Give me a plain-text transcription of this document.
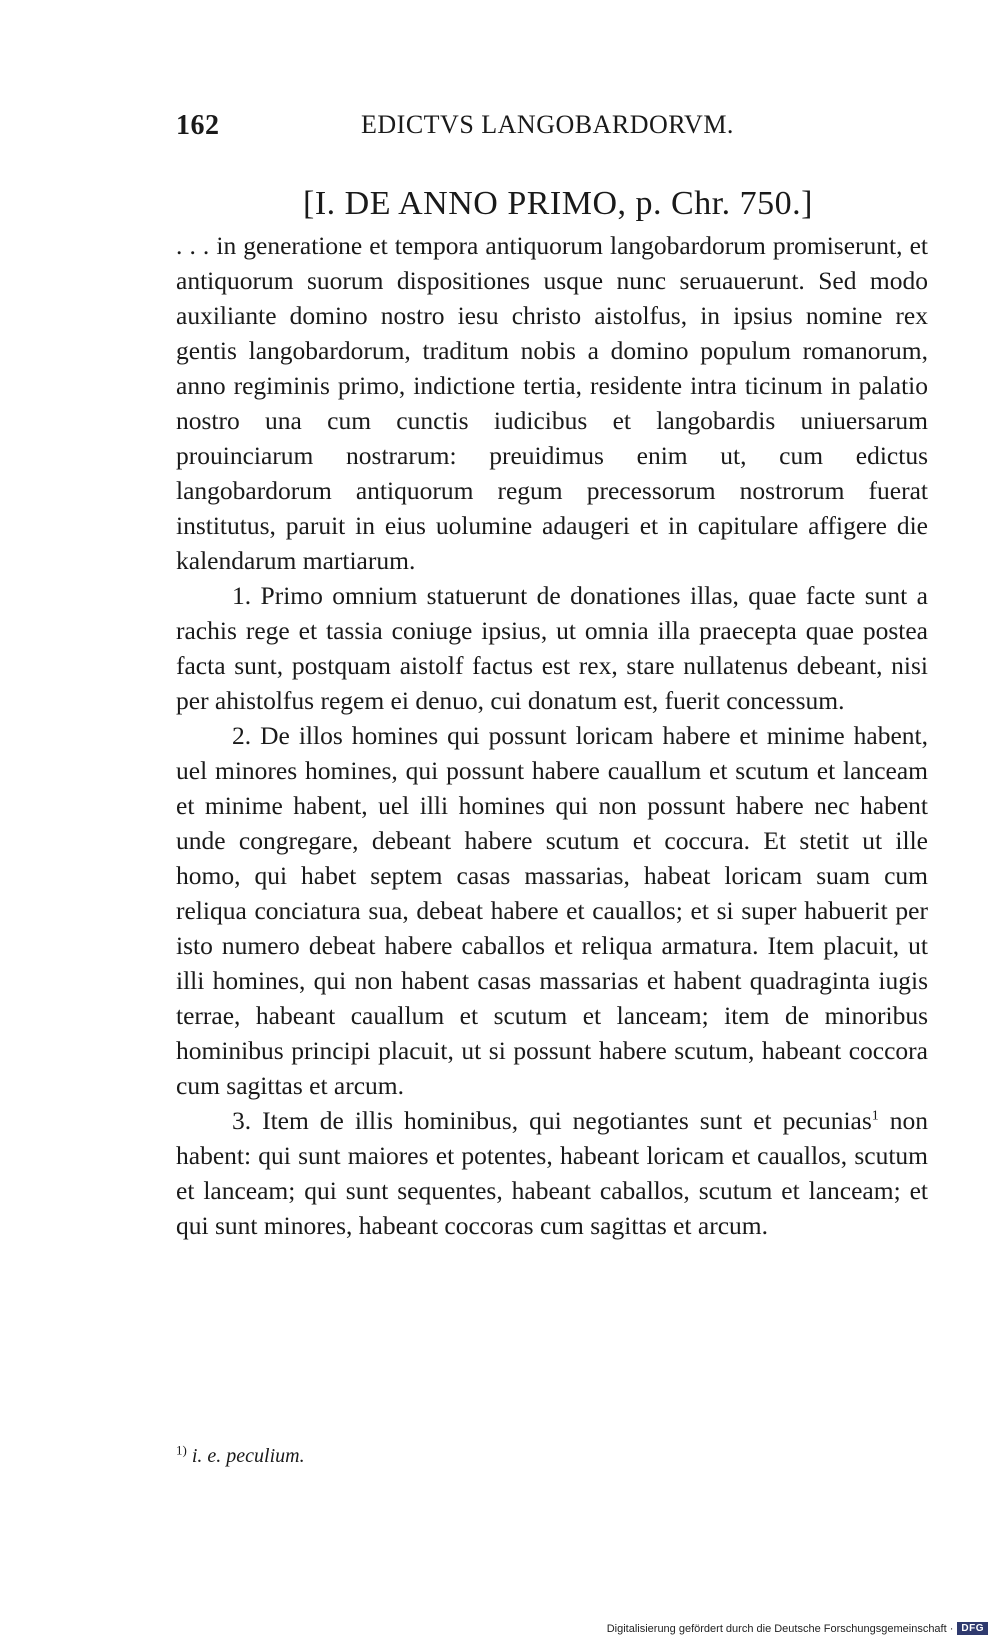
162	EDICTVS LANGOBARDORVM.
[I. DE ANNO PRIMO, p. Chr. 750.]

. . . in generatione et tempora antiquorum langobardorum promiserunt, et antiquorum suorum dispositiones usque nunc seruauerunt. Sed modo auxiliante domino nostro iesu christo aistolfus, in ipsius nomine rex gentis langobardorum, traditum nobis a domino populum romanorum, anno regiminis primo, indictione tertia, residente intra ticinum in palatio nostro una cum cunctis iudicibus et langobardis uniuersarum prouinciarum nostrarum: preuidimus enim ut, cum edictus langobardorum antiquorum regum precessorum nostrorum fuerat institutus, paruit in eius uolumine adaugeri et in capitulare affigere die kalendarum martiarum.

1. Primo omnium statuerunt de donationes illas, quae facte sunt a rachis rege et tassia coniuge ipsius, ut omnia illa praecepta quae postea facta sunt, postquam aistolf factus est rex, stare nullatenus debeant, nisi per ahistolfus regem ei denuo, cui donatum est, fuerit concessum.

2. De illos homines qui possunt loricam habere et minime habent, uel minores homines, qui possunt habere cauallum et scutum et lanceam et minime habent, uel illi homines qui non possunt habere nec habent unde congregare, debeant habere scutum et coccura. Et stetit ut ille homo, qui habet septem casas massarias, habeat loricam suam cum reliqua conciatura sua, debeat habere et cauallos; et si super habuerit per isto numero debeat habere caballos et reliqua armatura. Item placuit, ut illi homines, qui non habent casas massarias et habent quadraginta iugis terrae, habeant cauallum et scutum et lanceam; item de minoribus hominibus principi placuit, ut si possunt habere scutum, habeant coccora cum sagittas et arcum.

3. Item de illis hominibus, qui negotiantes sunt et pecunias$^1$ non habent: qui sunt maiores et potentes, habeant loricam et cauallos, scutum et lanceam; qui sunt sequentes, habeant caballos, scutum et lanceam; et qui sunt minores, habeant coccoras cum sagittas et arcum.

$^{1)}$ i. e. peculium.
Digitalisierung gefördert durch die Deutsche Forschungsgemeinschaft · DFG
